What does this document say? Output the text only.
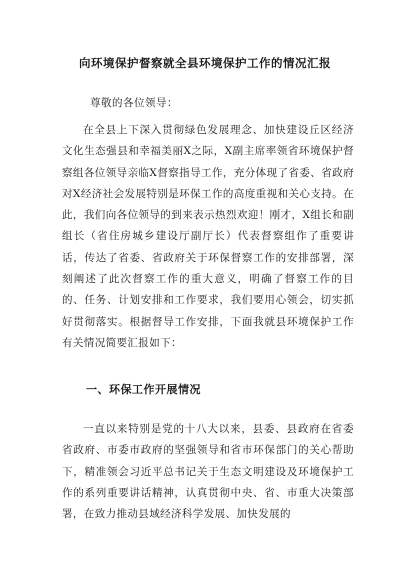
向环境保护督察就全县环境保护工作的情况汇报
尊敬的各位领导：

在全县上下深入贯彻绿色发展理念、加快建设丘区经济文化生态强县和幸福美丽X之际，X副主席率领省环境保护督察组各位领导亲临X督察指导工作，充分体现了省委、省政府对X经济社会发展特别是环保工作的高度重视和关心支持。在此，我们向各位领导的到来表示热烈欢迎！刚才，X组长和副组长（省住房城乡建设厅副厅长）代表督察组作了重要讲话，传达了省委、省政府关于环保督察工作的安排部署，深刻阐述了此次督察工作的重大意义，明确了督察工作的目的、任务、计划安排和工作要求，我们要用心领会，切实抓好贯彻落实。根据督导工作安排，下面我就县环境保护工作有关情况简要汇报如下：

一、环保工作开展情况

一直以来特别是党的十八大以来，县委、县政府在省委省政府、市委市政府的坚强领导和省市环保部门的关心帮助下，精准领会习近平总书记关于生态文明建设及环境保护工作的系列重要讲话精神，认真贯彻中央、省、市重大决策部署，在致力推动县域经济科学发展、加快发展的
